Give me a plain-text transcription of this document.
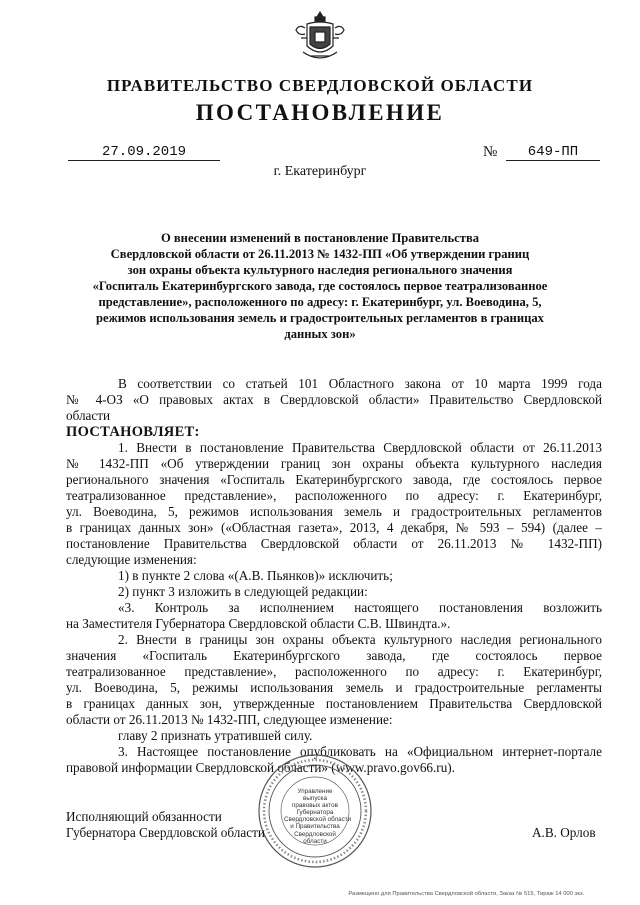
ПРАВИТЕЛЬСТВО СВЕРДЛОВСКОЙ ОБЛАСТИ
ПОСТАНОВЛЕНИЕ
27.09.2019	№	649-ПП
г. Екатеринбург
О внесении изменений в постановление Правительства
Свердловской области от 26.11.2013 № 1432-ПП «Об утверждении границ
зон охраны объекта культурного наследия регионального значения
«Госпиталь Екатеринбургского завода, где состоялось первое театрализованное
представление», расположенного по адресу: г. Екатеринбург, ул. Воеводина, 5,
режимов использования земель и градостроительных регламентов в границах
данных зон»
В соответствии со статьей 101 Областного закона от 10 марта 1999 года
№ 4-ОЗ «О правовых актах в Свердловской области» Правительство Свердловской
области
ПОСТАНОВЛЯЕТ:
1. Внести в постановление Правительства Свердловской области от 26.11.2013
№ 1432-ПП «Об утверждении границ зон охраны объекта культурного наследия
регионального значения «Госпиталь Екатеринбургского завода, где состоялось первое
театрализованное представление», расположенного по адресу: г. Екатеринбург,
ул. Воеводина, 5, режимов использования земель и градостроительных регламентов
в границах данных зон» («Областная газета», 2013, 4 декабря, № 593 – 594) (далее –
постановление Правительства Свердловской области от 26.11.2013 № 1432-ПП)
следующие изменения:
1) в пункте 2 слова «(А.В. Пьянков)» исключить;
2) пункт 3 изложить в следующей редакции:
«3. Контроль за исполнением настоящего постановления возложить
на Заместителя Губернатора Свердловской области С.В. Швиндта.».
2. Внести в границы зон охраны объекта культурного наследия регионального
значения «Госпиталь Екатеринбургского завода, где состоялось первое
театрализованное представление», расположенного по адресу: г. Екатеринбург,
ул. Воеводина, 5, режимы использования земель и градостроительные регламенты
в границах данных зон, утвержденные постановлением Правительства Свердловской
области от 26.11.2013 № 1432-ПП, следующее изменение:
главу 2 признать утратившей силу.
3. Настоящее постановление опубликовать на «Официальном интернет-портале
правовой информации Свердловской области» (www.pravo.gov66.ru).
Управление
выпуска
правовых актов
Губернатора
Свердловской области
и Правительства
Свердловской
области
Исполняющий обязанности
Губернатора Свердловской области	А.В. Орлов
Размещено для Правительства Свердловской области, Заказ № 515, Тираж 14 000 экз.
